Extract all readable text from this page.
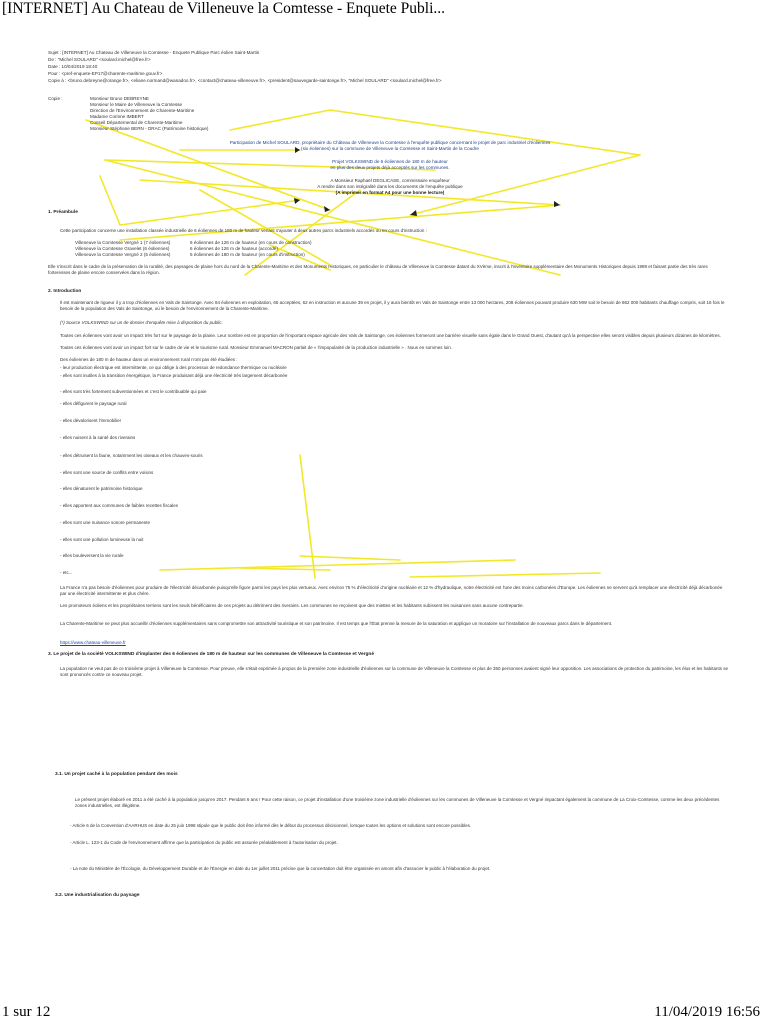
[INTERNET] Au Chateau de Villeneuve la Comtesse - Enquete Publi...
Sujet : [INTERNET] Au Chateau de Villeneuve la Comtesse - Enquete Publique Parc éolien Saint-Martin
De : "Michel SOULARD" <soulard.michel@free.fr>
Date : 10/04/2019 18:40
Pour : <pref-enquete-EP17@charente-maritime.gouv.fr>
Copie à : <bruno.debreyne@orange.fr>, <eliane.normand@wanadoo.fr>, <contact@chateau-villeneuve.fr>, <president@sauvegarde-saintonge.fr>, "Michel SOULARD" <soulard.michel@free.fr>
Copie :	Monsieur Bruno DEBREYNE
Monsieur le Maire de Villeneuve la Comtesse
Direction de l'Environnement de Charente-Maritime
Madame Corinne IMBERT
Conseil Départemental de Charente-Maritime
Monsieur Stéphane BERN - DRAC (Patrimoine historique)
Participation de Michel SOULARD, propriétaire du Château de Villeneuve la Comtesse à l'enquête publique concernant le projet de parc industriel d'éoliennes
(six éoliennes) sur la commune de Villeneuve la Comtesse et Saint-Martin de la Coudre
Projet VOLKSWIND de 6 éoliennes de 180 m de hauteur
en plus des deux projets déjà acceptés sur les communes.
A Monsieur Raphaël DEGLICASE, commissaire enquêteur
A rendre dans son intégralité dans les documents de l'enquête publique
(A imprimer en format A4 pour une bonne lecture)
1. Préambule
Cette participation concerne une installation classée industrielle de 6 éoliennes de 180 m de hauteur venant s'ajouter à deux autres parcs industriels accordés ou en cours d'instruction :
Villeneuve la Comtesse Vergné 1 (7 éoliennes)
Villeneuve la Comtesse Gravelet (6 éoliennes)
Villeneuve la Comtesse Vergné 2 (5 éoliennes)
6 éoliennes de 126 m de hauteur (en cours de construction)
6 éoliennes de 126 m de hauteur (accordé)
5 éoliennes de 180 m de hauteur (en cours d'instruction)
Elle s'inscrit dans le cadre de la préservation de la ruralité, des paysages de plaine hors du nord de la Charente-Maritime et des Monuments Historiques, en particulier le château de Villeneuve la Comtesse datant du XVème, inscrit à l'inventoire supplémentaire des Monuments Historiques depuis 1989 et faisant partie des très rares forteresses de plaine encore conservées dans la région.
2. Introduction
Il est maintenant de rigueur il y a trop d'éoliennes en Vals de Saintonge. Avec 84 éoliennes en exploitation, 66 acceptées, 62 en instruction et aucune 39 en projet, il y aura bientôt en Vals de Saintonge entre 13 000 hectares, 208 éoliennes pouvant produire 630 MW soit le besoin de 862 000 habitants chauffage compris, soit 16 fois le besoin de la population des Vals de Saintonge, où le besoin de l'environnement de la Charente-Maritime.
(*) Source VOLKSWIND sur un de dossier d'enquête mise à disposition du public.
Toutes ces éoliennes vont avoir un impact très fort sur le paysage de la plaine. Leur nombre est en proportion de l'important espace agricole des Vals de Saintonge, ces éoliennes formeront une barrière visuelle sans égale dans le Grand Ouest, d'autant qu'à la perspective elles seront visibles depuis plusieurs dizaines de kilomètres.
Toutes ces éoliennes vont avoir un impact fort sur le cadre de vie et le tourisme rural. Monsieur Emmanuel MACRON parlait de « l'impopularité de la production industrielle » . Nous en sommes loin.
Des éoliennes de 180 m de hauteur dans un environnement rural n'ont pas été étudiées :
- leur production électrique est intermittente, ce qui oblige à des processus de redondance thermique ou nucléaire
- elles sont inutiles à la transition énergétique, la France produisant déjà une électricité très largement décarbonée
- elles sont très fortement subventionnées et c'est le contribuable qui paie
- elles défigurent le paysage rural
- elles dévalorisent l'immobilier
- elles nuisent à la santé des riverains
- elles détruisent la faune, notamment les oiseaux et les chauves-souris
- elles sont une source de conflits entre voisins
- elles dénaturent le patrimoine historique
- elles apportent aux communes de faibles recettes fiscales
- elles sont une nuisance sonore permanente
- elles sont une pollution lumineuse la nuit
- elles bouleversent la vie rurale
- etc...
La France n'a pas besoin d'éoliennes pour produire de l'électricité décarbonée puisqu'elle figure parmi les pays les plus vertueux. Avec environ 75 % d'électricité d'origine nucléaire et 12 % d'hydraulique, notre électricité est l'une des moins carbonées d'Europe. Les éoliennes ne servent qu'à remplacer une électricité déjà décarbonée par une électricité intermittente et plus chère.
Les promoteurs éoliens et les propriétaires terriens sont les seuls bénéficiaires de ces projets au détriment des riverains. Les communes ne reçoivent que des miettes et les habitants subissent les nuisances sans aucune contrepartie.
La Charente-Maritime ne peut plus accueillir d'éoliennes supplémentaires sans compromettre son attractivité touristique et son patrimoine. Il est temps que l'État prenne la mesure de la saturation et applique un moratoire sur l'installation de nouveaux parcs dans le département.
https://www.chateau-villeneuve.fr
3. Le projet de la société VOLKSWIND d'implanter des 6 éoliennes de 180 m de hauteur sur les communes de Villeneuve la Comtesse et Vergné
La population ne veut pas de ce troisième projet à Villeneuve la Comtesse. Pour preuve, elle s'était exprimée à propos de la première zone industrielle d'éoliennes sur la commune de Villeneuve la Comtesse et plus de 350 personnes avaient signé leur opposition. Les associations de protection du patrimoine, les élus et les habitants se sont prononcés contre ce nouveau projet.
3.1. Un projet caché à la population pendant des mois
Le présent projet élaboré en 2011 a été caché à la population jusqu'en 2017. Pendant 6 ans ! Pour cette raison, ce projet d'installation d'une troisième zone industrielle d'éoliennes sur les communes de Villeneuve la Comtesse et Vergné impactant également la commune de La Croix-Comtesse, comme les deux précédentes zones industrielles, est illégitime.
- Article 6 de la Convention d'AARHUS en date du 25 juin 1998 stipule que le public doit être informé dès le début du processus décisionnel, lorsque toutes les options et solutions sont encore possibles.
- Article L. 123-1 du Code de l'environnement affirme que la participation du public est assurée préalablement à l'autorisation du projet.
- La note du Ministère de l'Écologie, du Développement Durable et de l'Énergie en date du 1er juillet 2011 précise que la concertation doit être organisée en amont afin d'associer le public à l'élaboration du projet.
3.2. Une industrialisation du paysage
1 sur 12	11/04/2019 16:56
